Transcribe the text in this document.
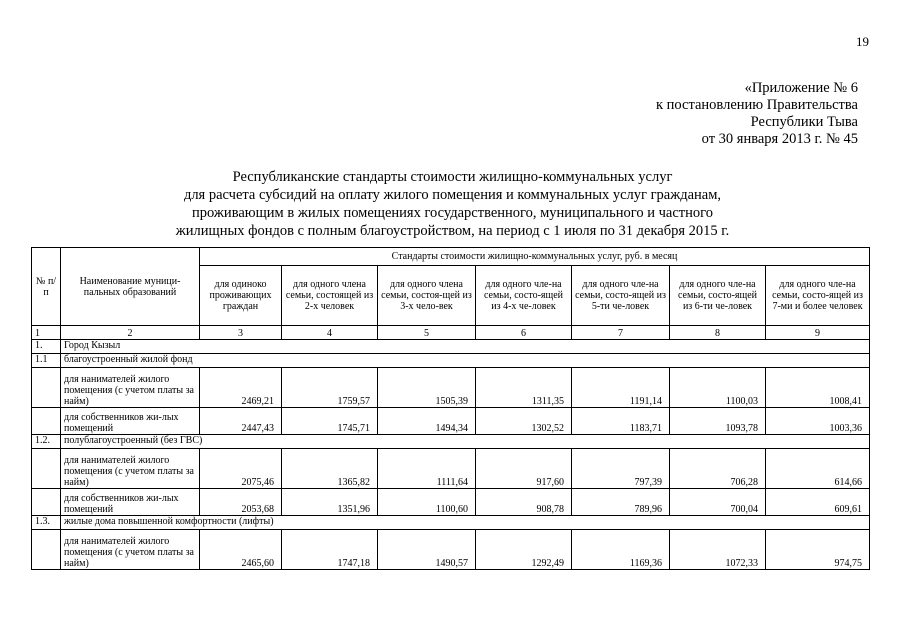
19
«Приложение № 6
к постановлению Правительства
Республики Тыва
от 30 января 2013 г. № 45
Республиканские стандарты стоимости жилищно-коммунальных услуг
для расчета субсидий на оплату жилого помещения и коммунальных услуг гражданам,
проживающим в жилых помещениях государственного, муниципального и частного
жилищных фондов с полным благоустройством, на период с 1 июля по 31 декабря 2015 г.
№ п/п	Наименование муници-пальных образований	Стандарты стоимости жилищно-коммунальных услуг, руб. в месяц						
		для одиноко проживающих граждан	для одного члена семьи, состоящей из 2-х человек	для одного члена семьи, состоя-щей из 3-х чело-век	для одного чле-на семьи, состо-ящей из 4-х че-ловек	для одного чле-на семьи, состо-ящей из 5-ти че-ловек	для одного чле-на семьи, состо-ящей из 6-ти че-ловек	для одного чле-на семьи, состо-ящей из 7-ми и более человек
1	2	3	4	5	6	7	8	9
1.	Город Кызыл							
1.1	благоустроенный жилой фонд							
	для нанимателей жилого помещения (с учетом платы за найм)	2469,21	1759,57	1505,39	1311,35	1191,14	1100,03	1008,41
	для собственников жи-лых помещений	2447,43	1745,71	1494,34	1302,52	1183,71	1093,78	1003,36
1.2.	полублагоустроенный (без ГВС)							
	для нанимателей жилого помещения (с учетом платы за найм)	2075,46	1365,82	1111,64	917,60	797,39	706,28	614,66
	для собственников жи-лых помещений	2053,68	1351,96	1100,60	908,78	789,96	700,04	609,61
1.3.	жилые дома повышенной комфортности (лифты)							
	для нанимателей жилого помещения (с учетом платы за найм)	2465,60	1747,18	1490,57	1292,49	1169,36	1072,33	974,75
